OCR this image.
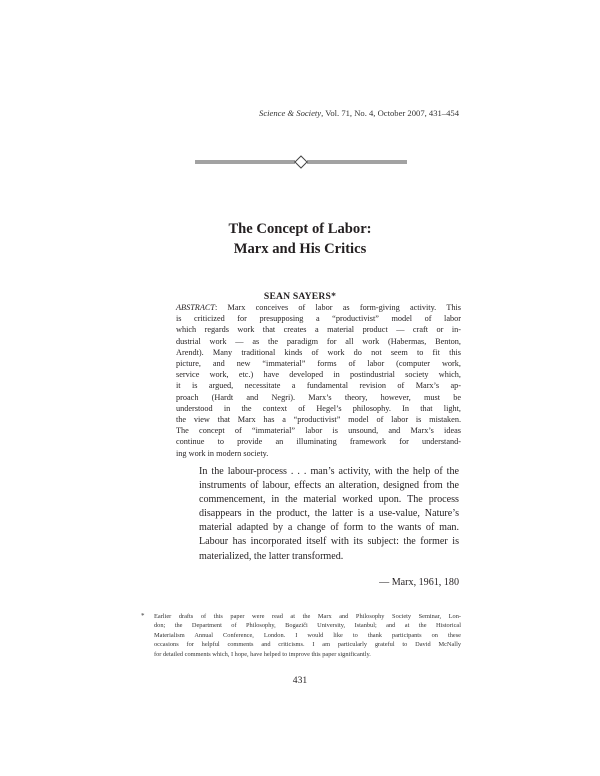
Science & Society, Vol. 71, No. 4, October 2007, 431–454
The Concept of Labor:
Marx and His Critics
SEAN SAYERS*
ABSTRACT: Marx conceives of labor as form-giving activity. This
is criticized for presupposing a “productivist” model of labor
which regards work that creates a material product — craft or in-
dustrial work — as the paradigm for all work (Habermas, Benton,
Arendt). Many traditional kinds of work do not seem to fit this
picture, and new “immaterial” forms of labor (computer work,
service work, etc.) have developed in postindustrial society which,
it is argued, necessitate a fundamental revision of Marx’s ap-
proach (Hardt and Negri). Marx’s theory, however, must be
understood in the context of Hegel’s philosophy. In that light,
the view that Marx has a “productivist” model of labor is mistaken.
The concept of “immaterial” labor is unsound, and Marx’s ideas
continue to provide an illuminating framework for understand-
ing work in modern society.
In the labour-process . . . man’s activity, with the help of the
instruments of labour, effects an alteration, designed from the
commencement, in the material worked upon. The process
disappears in the product, the latter is a use-value, Nature’s
material adapted by a change of form to the wants of man.
Labour has incorporated itself with its subject: the former is
materialized, the latter transformed.
— Marx, 1961, 180
* Earlier drafts of this paper were read at the Marx and Philosophy Society Seminar, Lon-
don; the Department of Philosophy, Bogaziči University, Istanbul; and at the Historical
Materialism Annual Conference, London. I would like to thank participants on these
occasions for helpful comments and criticisms. I am particularly grateful to David McNally
for detailed comments which, I hope, have helped to improve this paper significantly.
431
